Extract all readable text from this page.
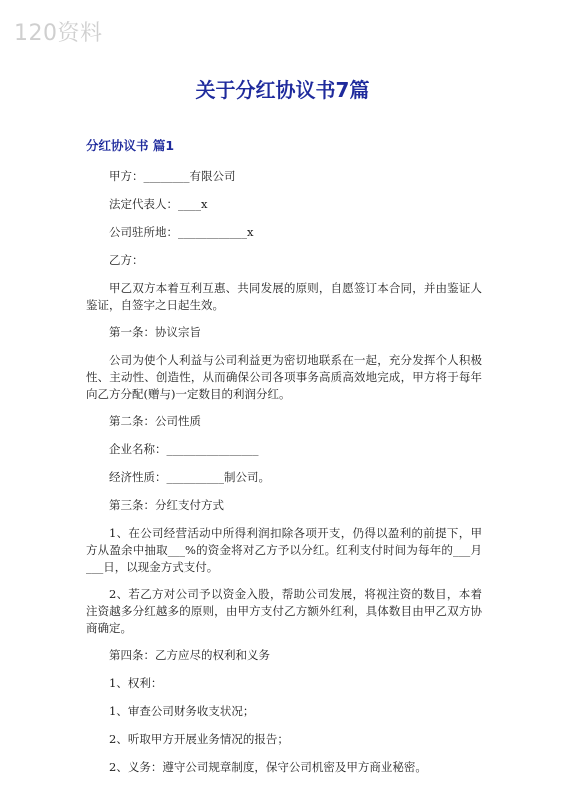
120资料
关于分红协议书7篇
分红协议书 篇1

甲方：________有限公司

法定代表人：____x

公司驻所地：____________x

乙方：

甲乙双方本着互利互惠、共同发展的原则，自愿签订本合同，并由鉴证人鉴证，自签字之日起生效。

第一条：协议宗旨

公司为使个人利益与公司利益更为密切地联系在一起，充分发挥个人积极性、主动性、创造性，从而确保公司各项事务高质高效地完成，甲方将于每年向乙方分配(赠与)一定数目的利润分红。

第二条：公司性质

企业名称：________________

经济性质：__________制公司。

第三条：分红支付方式

1、在公司经营活动中所得利润扣除各项开支，仍得以盈利的前提下，甲方从盈余中抽取___%的资金将对乙方予以分红。红利支付时间为每年的___月___日，以现金方式支付。

2、若乙方对公司予以资金入股，帮助公司发展，将视注资的数目，本着注资越多分红越多的原则，由甲方支付乙方额外红利，具体数目由甲乙双方协商确定。

第四条：乙方应尽的权利和义务

1、权利：

1、审查公司财务收支状况；

2、听取甲方开展业务情况的报告；

2、义务：遵守公司规章制度，保守公司机密及甲方商业秘密。
